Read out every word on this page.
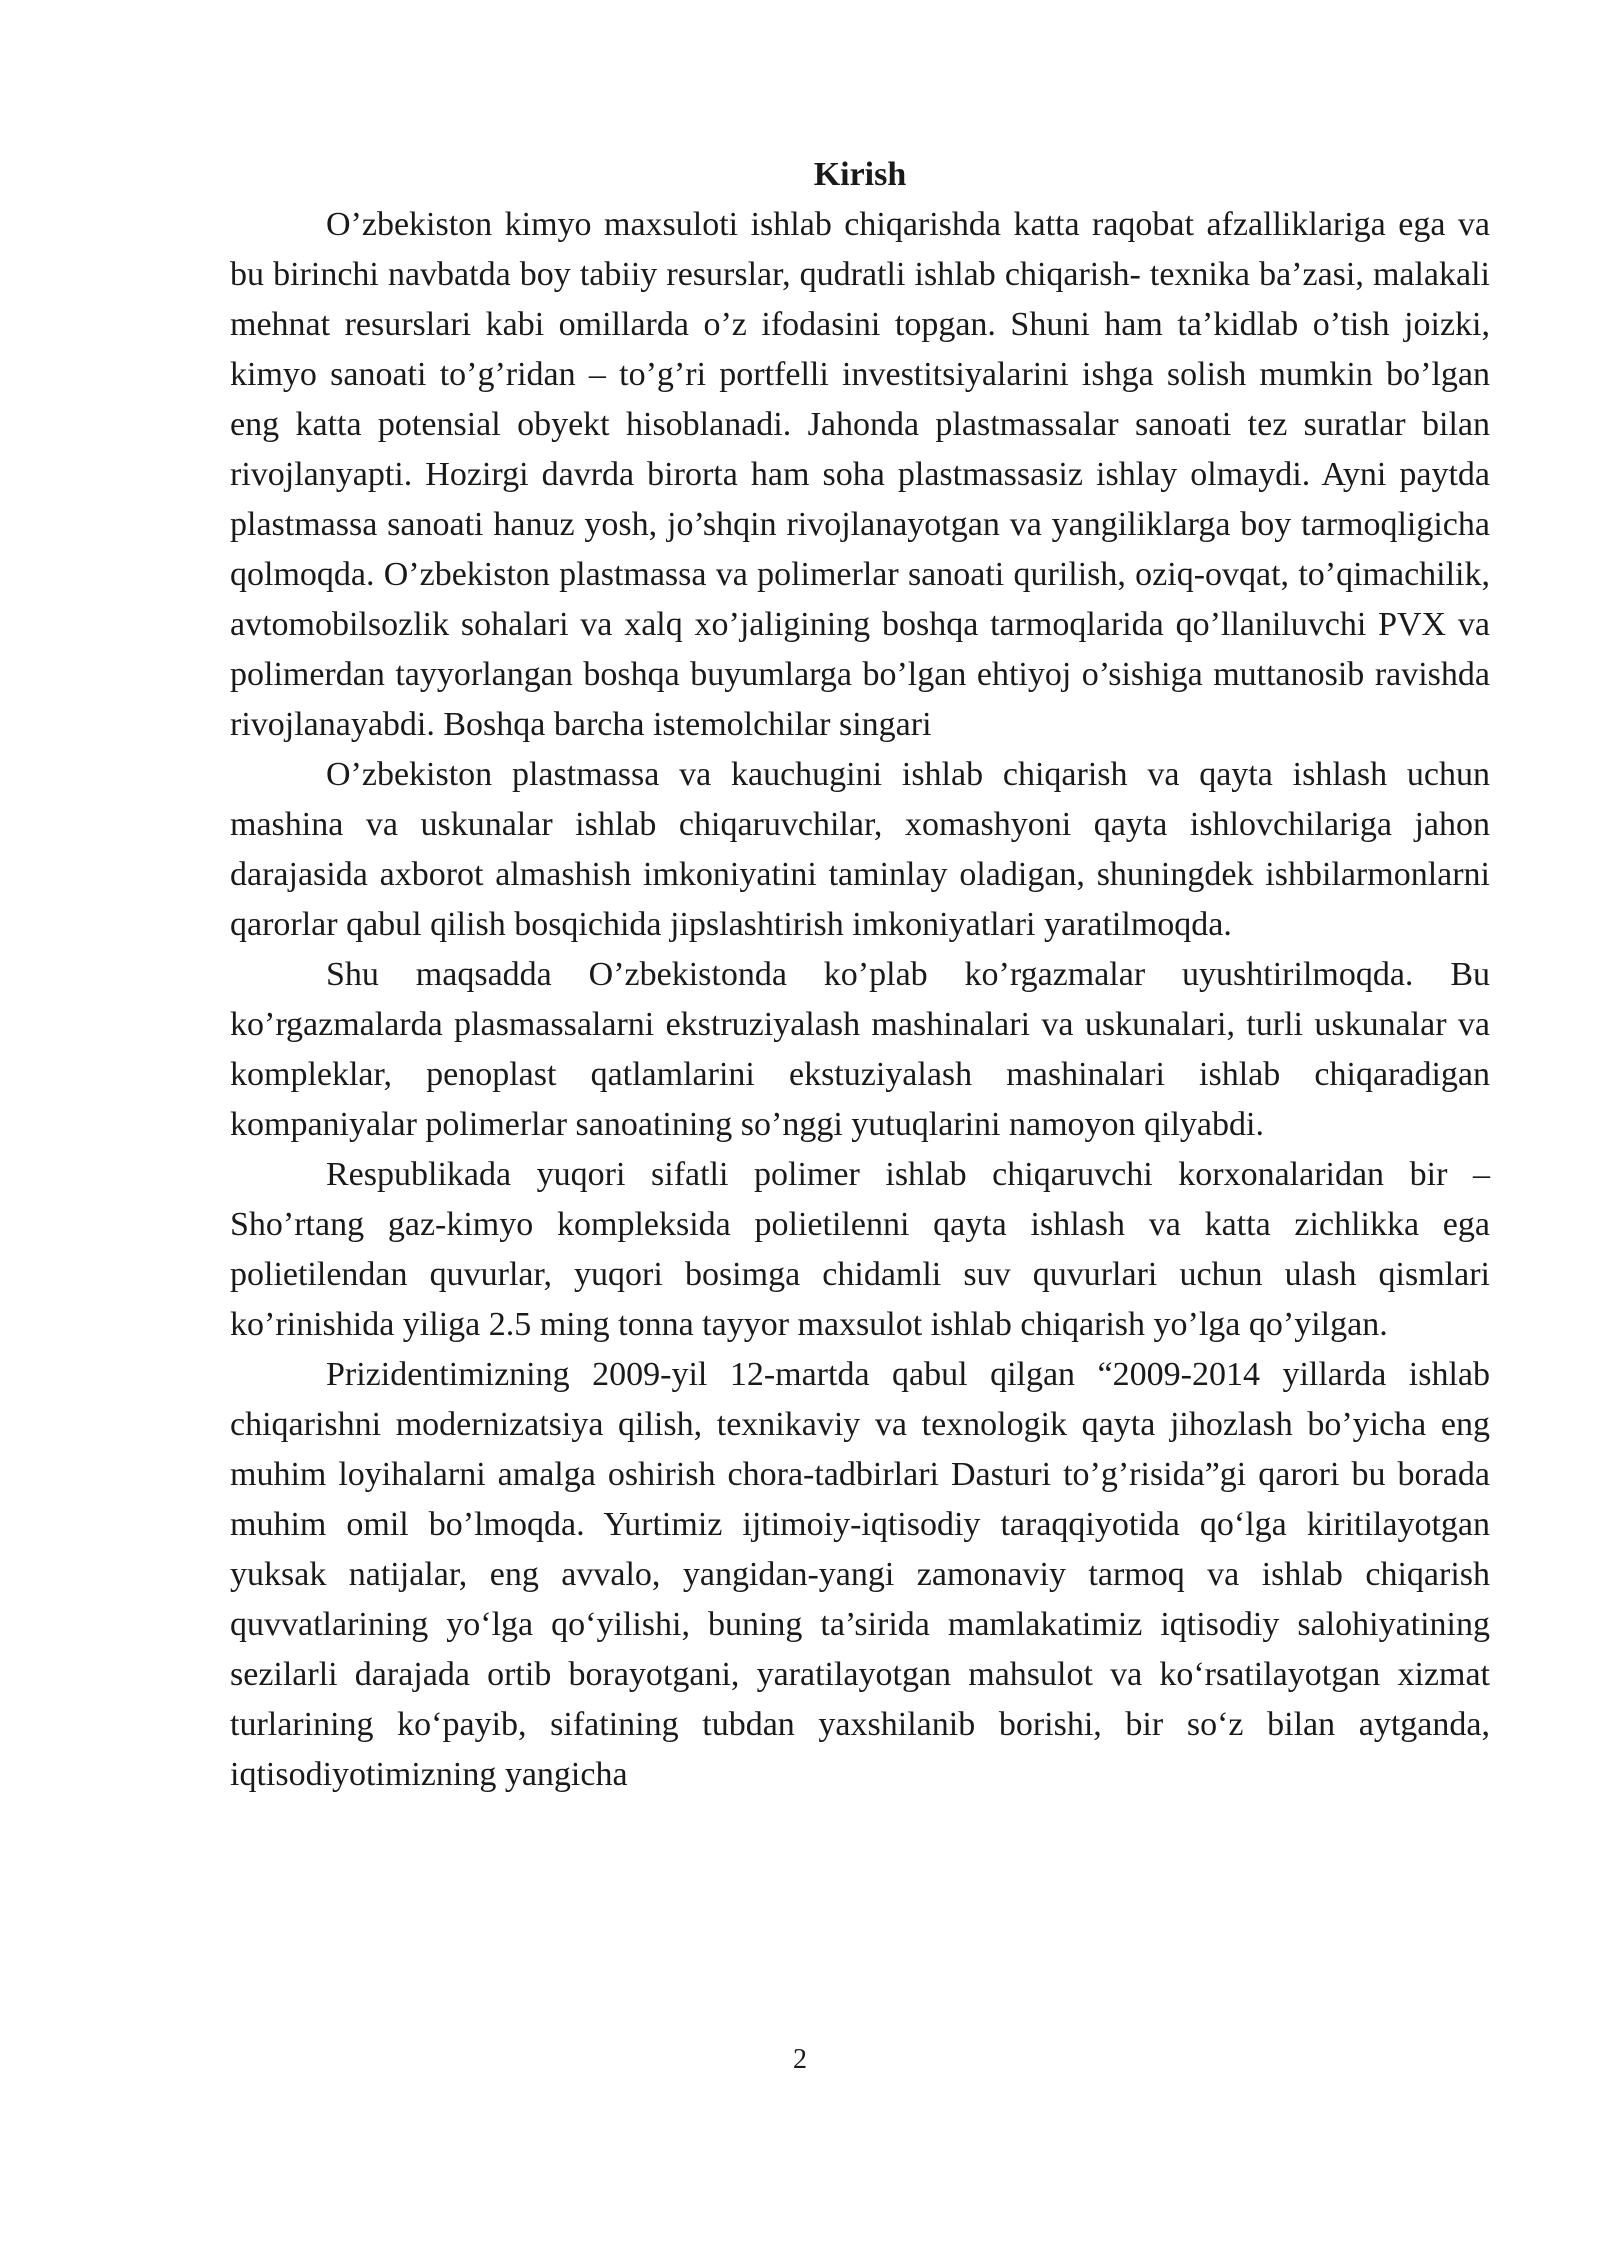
Kirish

O’zbekiston kimyo maxsuloti ishlab chiqarishda katta raqobat afzalliklariga ega va bu birinchi navbatda boy tabiiy resurslar, qudratli ishlab chiqarish- texnika ba’zasi, malakali mehnat resurslari kabi omillarda o’z ifodasini topgan. Shuni ham ta’kidlab o’tish joizki, kimyo sanoati to’g’ridan – to’g’ri portfelli investitsiyalarini ishga solish mumkin bo’lgan eng katta potensial obyekt hisoblanadi. Jahonda plastmassalar sanoati tez suratlar bilan rivojlanyapti. Hozirgi davrda birorta ham soha plastmassasiz ishlay olmaydi. Ayni paytda plastmassa sanoati hanuz yosh, jo’shqin rivojlanayotgan va yangiliklarga boy tarmoqligicha qolmoqda. O’zbekiston plastmassa va polimerlar sanoati qurilish, oziq-ovqat, to’qimachilik, avtomobilsozlik sohalari va xalq xo’jaligining boshqa tarmoqlarida qo’llaniluvchi PVX va polimerdan tayyorlangan boshqa buyumlarga bo’lgan ehtiyoj o’sishiga muttanosib ravishda rivojlanayabdi. Boshqa barcha istemolchilar singari

O’zbekiston plastmassa va kauchugini ishlab chiqarish va qayta ishlash uchun mashina va uskunalar ishlab chiqaruvchilar, xomashyoni qayta ishlovchilariga jahon darajasida axborot almashish imkoniyatini taminlay oladigan, shuningdek ishbilarmonlarni qarorlar qabul qilish bosqichida jipslashtirish imkoniyatlari yaratilmoqda.

Shu maqsadda O’zbekistonda ko’plab ko’rgazmalar uyushtirilmoqda. Bu ko’rgazmalarda plasmassalarni ekstruziyalash mashinalari va uskunalari, turli uskunalar va kompleklar, penoplast qatlamlarini ekstuziyalash mashinalari ishlab chiqaradigan kompaniyalar polimerlar sanoatining so’nggi yutuqlarini namoyon qilyabdi.

Respublikada yuqori sifatli polimer ishlab chiqaruvchi korxonalaridan bir – Sho’rtang gaz-kimyo kompleksida polietilenni qayta ishlash va katta zichlikka ega polietilendan quvurlar, yuqori bosimga chidamli suv quvurlari uchun ulash qismlari ko’rinishida yiliga 2.5 ming tonna tayyor maxsulot ishlab chiqarish yo’lga qo’yilgan.

Prizidentimizning 2009-yil 12-martda qabul qilgan “2009-2014 yillarda ishlab chiqarishni modernizatsiya qilish, texnikaviy va texnologik qayta jihozlash bo’yicha eng muhim loyihalarni amalga oshirish chora-tadbirlari Dasturi to’g’risida”gi qarori bu borada muhim omil bo’lmoqda. Yurtimiz ijtimoiy-iqtisodiy taraqqiyotida qo‘lga kiritilayotgan yuksak natijalar, eng avvalo, yangidan-yangi zamonaviy tarmoq va ishlab chiqarish quvvatlarining yo‘lga qo‘yilishi, buning ta’sirida mamlakatimiz iqtisodiy salohiyatining sezilarli darajada ortib borayotgani, yaratilayotgan mahsulot va ko‘rsatilayotgan xizmat turlarining ko‘payib, sifatining tubdan yaxshilanib borishi, bir so‘z bilan aytganda, iqtisodiyotimizning yangicha

2
